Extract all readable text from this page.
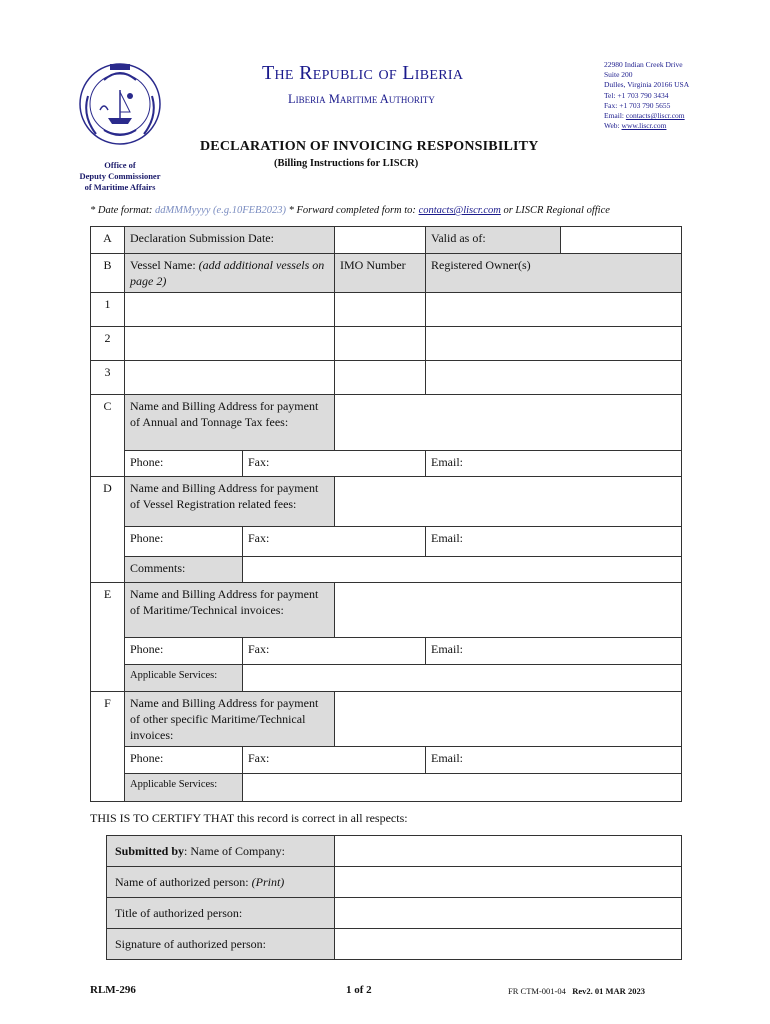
Office of
Deputy Commissioner
of Maritime Affairs
The Republic of Liberia
Liberia Maritime Authority
22980 Indian Creek Drive
Suite 200
Dulles, Virginia 20166 USA
Tel: +1 703 790 3434
Fax: +1 703 790 5655
Email: contacts@liscr.com
Web: www.liscr.com
DECLARATION OF INVOICING RESPONSIBILITY
(Billing Instructions for LISCR)
* Date format: ddMMMyyyy (e.g.10FEB2023) * Forward completed form to: contacts@liscr.com or LISCR Regional office
A	Declaration Submission Date:			Valid as of:	
B	Vessel Name: (add additional vessels on page 2)		IMO Number	Registered Owner(s)	
1					
2					
3					
C	Name and Billing Address for payment of Annual and Tonnage Tax fees:				
	Phone:	Fax:		Email:	
D	Name and Billing Address for payment of Vessel Registration related fees:				
	Phone:	Fax:		Email:	
	Comments:				
E	Name and Billing Address for payment of Maritime/Technical invoices:				
	Phone:	Fax:		Email:	
	Applicable Services:				
F	Name and Billing Address for payment of other specific Maritime/Technical invoices:				
	Phone:	Fax:		Email:	
	Applicable Services:				
THIS IS TO CERTIFY THAT this record is correct in all respects:
Submitted by: Name of Company:	
Name of authorized person: (Print)	
Title of authorized person:	
Signature of authorized person:	
RLM-296	1 of 2	FR CTM-001-04 Rev2. 01 MAR 2023
